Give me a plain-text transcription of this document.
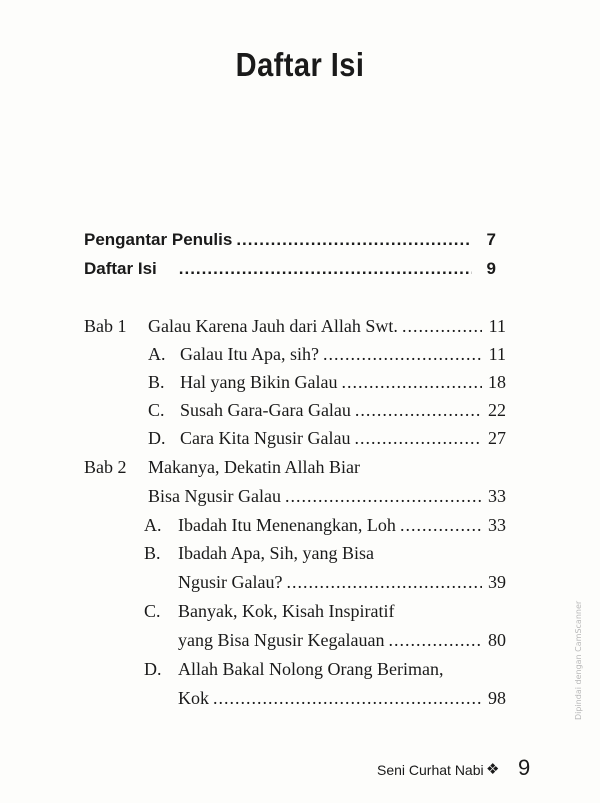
Daftar Isi
Pengantar Penulis .....	7
Daftar Isi .....	9
Bab 1 Galau Karena Jauh dari Allah Swt. .....	11
A. Galau Itu Apa, sih? .....	11
B. Hal yang Bikin Galau .....	18
C. Susah Gara-Gara Galau .....	22
D. Cara Kita Ngusir Galau .....	27
Bab 2 Makanya, Dekatin Allah Biar
Bisa Ngusir Galau .....	33
A. Ibadah Itu Menenangkan, Loh .....	33
B. Ibadah Apa, Sih, yang Bisa
Ngusir Galau? .....	39
C. Banyak, Kok, Kisah Inspiratif
yang Bisa Ngusir Kegalauan .....	80
D. Allah Bakal Nolong Orang Beriman,
Kok .....	98
Seni Curhat Nabi ❖ 9
Dipindai dengan CamScanner
